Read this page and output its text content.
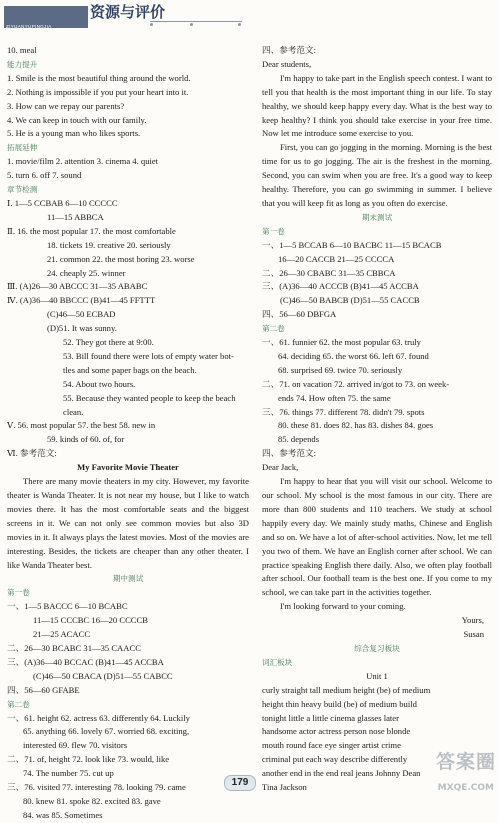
ZIYUANYUPINGJIA
资源与评价
10. meal
能力提升
1. Smile is the most beautiful thing around the world.
2. Nothing is impossible if you put your heart into it.
3. How can we repay our parents?
4. We can keep in touch with our family.
5. He is a young man who likes sports.
拓展延伸
1. movie/film 2. attention 3. cinema 4. quiet
5. turn 6. off 7. sound
章节检测
Ⅰ. 1—5 CCBAB 6—10 CCCCC
11—15 ABBCA
Ⅱ. 16. the most popular 17. the most comfortable
18. tickets 19. creative 20. seriously
21. common 22. the most boring 23. worse
24. cheaply 25. winner
Ⅲ. (A)26—30 ABCCC 31—35 ABABC
Ⅳ. (A)36—40 BBCCC (B)41—45 FFTTT
(C)46—50 ECBAD
(D)51. It was sunny.
52. They got there at 9:00.
53. Bill found there were lots of empty water bot-
tles and some paper bags on the beach.
54. About two hours.
55. Because they wanted people to keep the beach
clean.
Ⅴ. 56. most popular 57. the best 58. new in
59. kinds of 60. of, for
Ⅵ. 参考范文:
My Favorite Movie Theater
There are many movie theaters in my city. However, my favorite theater is Wanda Theater. It is not near my house, but I like to watch movies there. It has the most comfortable seats and the biggest screens in it. We can not only see common movies but also 3D movies in it. It always plays the latest movies. Most of the movies are interesting. Besides, the tickets are cheaper than any other theater. I like Wanda Theater best.
期中测试
第一卷
一、1—5 BACCC 6—10 BCABC
11—15 CCCBC 16—20 CCCCB
21—25 ACACC
二、26—30 BCABC 31—35 CAACC
三、(A)36—40 BCCAC (B)41—45 ACCBA
(C)46—50 CBACA (D)51—55 CABCC
四、56—60 GFABE
第二卷
一、61. height 62. actress 63. differently 64. Luckily
65. anything 66. lovely 67. worried 68. exciting,
interested 69. flew 70. visitors
二、71. of, height 72. look like 73. would, like
74. The number 75. cut up
三、76. visited 77. interesting 78. looking 79. came
80. knew 81. spoke 82. excited 83. gave
84. was 85. Sometimes
四、参考范文:
Dear students,
I'm happy to take part in the English speech contest. I want to tell you that health is the most important thing in our life. To stay healthy, we should keep happy every day. What is the best way to keep healthy? I think you should take exercise in your free time. Now let me introduce some exercise to you.
First, you can go jogging in the morning. Morning is the best time for us to go jogging. The air is the freshest in the morning. Second, you can swim when you are free. It's a good way to keep healthy. Therefore, you can go swimming in summer. I believe that you will keep fit as long as you often do exercise.
期末测试
第一卷
一、1—5 BCCAB 6—10 BACBC 11—15 BCACB
16—20 CACCB 21—25 CCCCA
二、26—30 CBABC 31—35 CBBCA
三、(A)36—40 ACCCB (B)41—45 ACCBA
(C)46—50 BABCB (D)51—55 CACCB
四、56—60 DBFGA
第二卷
一、61. funnier 62. the most popular 63. truly
64. deciding 65. the worst 66. left 67. found
68. surprised 69. twice 70. seriously
二、71. on vacation 72. arrived in/got to 73. on week-
ends 74. How often 75. the same
三、76. things 77. different 78. didn't 79. spots
80. these 81. does 82. has 83. dishes 84. goes
85. depends
四、参考范文:
Dear Jack,
I'm happy to hear that you will visit our school. Welcome to our school. My school is the most famous in our city. There are more than 800 students and 110 teachers. We study at school happily every day. We mainly study maths, Chinese and English and so on. We have a lot of after-school activities. Now, let me tell you two of them. We have an English corner after school. We can practice speaking English there daily. Also, we often play football after school. Our football team is the best one. If you come to my school, we can take part in the activities together.
I'm looking forward to your coming.
Yours,
Susan
综合复习板块
词汇板块
Unit 1
curly straight tall medium height (be) of medium
height thin heavy build (be) of medium build
tonight little a little cinema glasses later
handsome actor actress person nose blonde
mouth round face eye singer artist crime
criminal put each way describe differently
another end in the end real jeans Johnny Dean
Tina Jackson
179
答案圈
MXQE.COM
